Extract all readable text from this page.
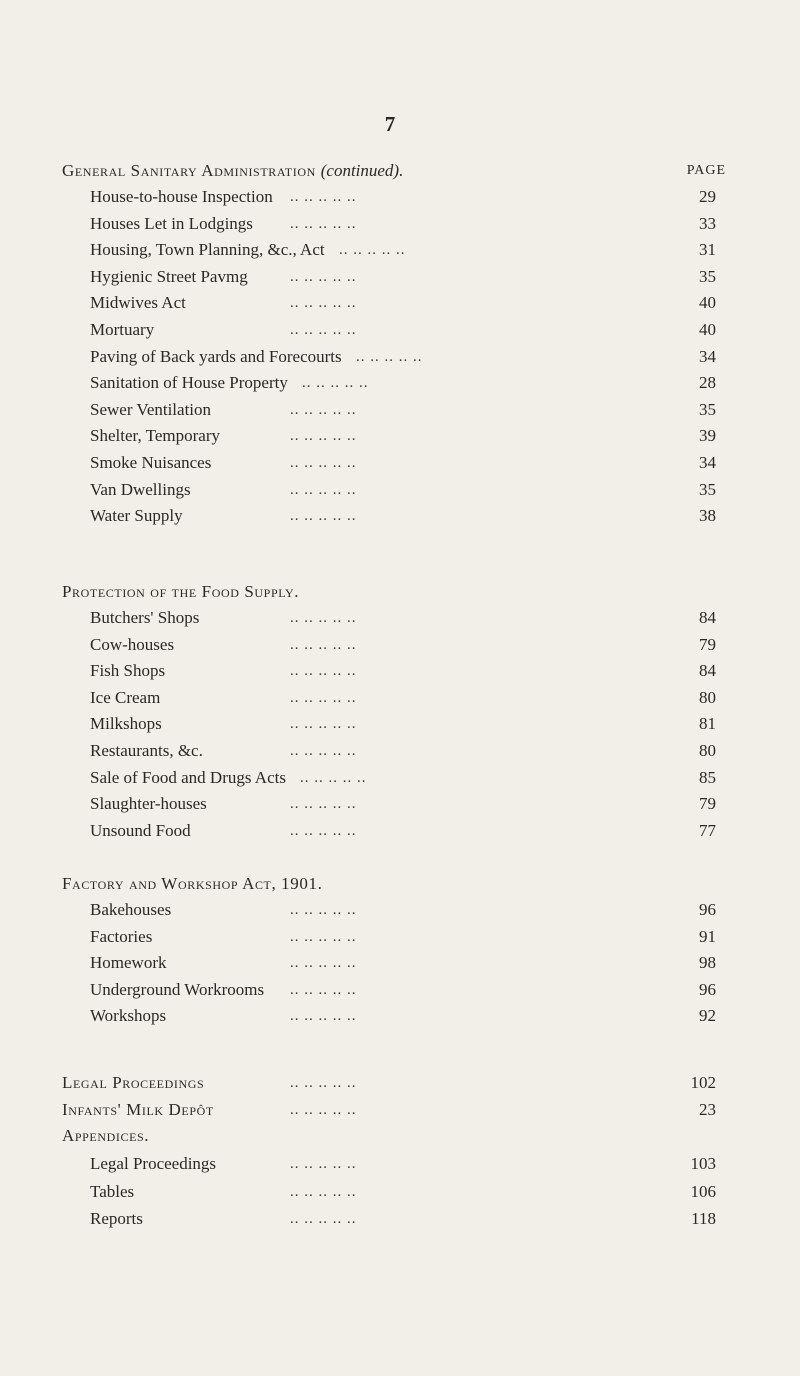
7
PAGE
General Sanitary Administration (continued).
House-to-house Inspection	29
Houses Let in Lodgings	33
Housing, Town Planning, &c., Act	31
Hygienic Street Pavmg	35
Midwives Act	40
Mortuary	40
Paving of Back yards and Forecourts	34
Sanitation of House Property	28
Sewer Ventilation	35
Shelter, Temporary	39
Smoke Nuisances	34
Van Dwellings	35
Water Supply	38
Protection of the Food Supply.
Butchers' Shops	84
Cow-houses	79
Fish Shops	84
Ice Cream	80
Milkshops	81
Restaurants, &c.	80
Sale of Food and Drugs Acts	85
Slaughter-houses	79
Unsound Food	77
Factory and Workshop Act, 1901.
Bakehouses	96
Factories	91
Homework	98
Underground Workrooms	96
Workshops	92
Legal Proceedings	102
Infants' Milk Depôt	23
Appendices.
Legal Proceedings	103
Tables	106
Reports	118
.. .. .. .. ..
.. .. .. .. ..
.. .. .. .. ..
.. .. .. .. ..
.. .. .. .. ..
.. .. .. .. ..
.. .. .. .. ..
.. .. .. .. ..
.. .. .. .. ..
.. .. .. .. ..
.. .. .. .. ..
.. .. .. .. ..
.. .. .. .. ..
.. .. .. .. ..
.. .. .. .. ..
.. .. .. .. ..
.. .. .. .. ..
.. .. .. .. ..
.. .. .. .. ..
.. .. .. .. ..
.. .. .. .. ..
.. .. .. .. ..
.. .. .. .. ..
.. .. .. .. ..
.. .. .. .. ..
.. .. .. .. ..
.. .. .. .. ..
.. .. .. .. ..
.. .. .. .. ..
.. .. .. .. ..
.. .. .. .. ..
.. .. .. .. ..
